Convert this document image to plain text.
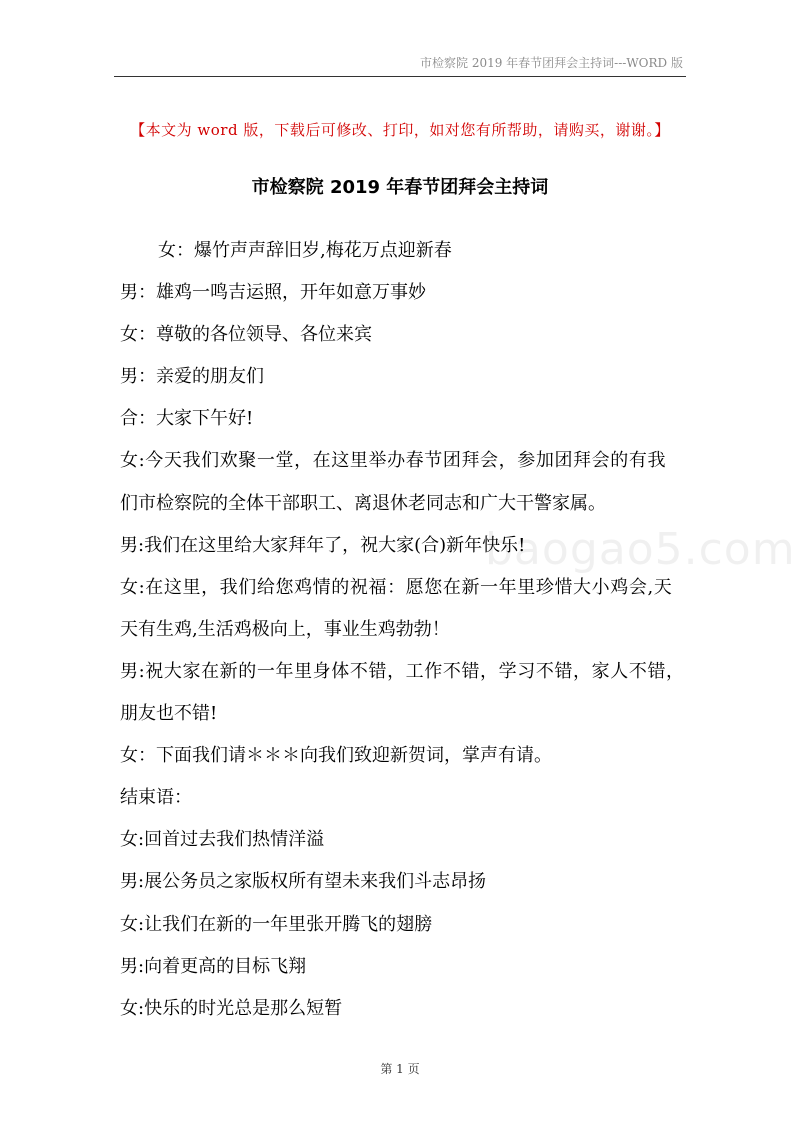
市检察院 2019 年春节团拜会主持词---WORD 版
【本文为 word 版，下载后可修改、打印，如对您有所帮助，请购买，谢谢。】
市检察院 2019 年春节团拜会主持词
女：爆竹声声辞旧岁,梅花万点迎新春
男：雄鸡一鸣吉运照，开年如意万事妙
女：尊敬的各位领导、各位来宾
男：亲爱的朋友们
合：大家下午好!
女:今天我们欢聚一堂，在这里举办春节团拜会，参加团拜会的有我
们市检察院的全体干部职工、离退休老同志和广大干警家属。
男:我们在这里给大家拜年了，祝大家(合)新年快乐!
女:在这里，我们给您鸡情的祝福：愿您在新一年里珍惜大小鸡会,天
天有生鸡,生活鸡极向上，事业生鸡勃勃！
男:祝大家在新的一年里身体不错，工作不错，学习不错，家人不错，
朋友也不错!
女：下面我们请＊＊＊向我们致迎新贺词，掌声有请。
结束语：
女:回首过去我们热情洋溢
男:展公务员之家版权所有望未来我们斗志昂扬
女:让我们在新的一年里张开腾飞的翅膀
男:向着更高的目标飞翔
女:快乐的时光总是那么短暂
baogao5.com
第 1 页
